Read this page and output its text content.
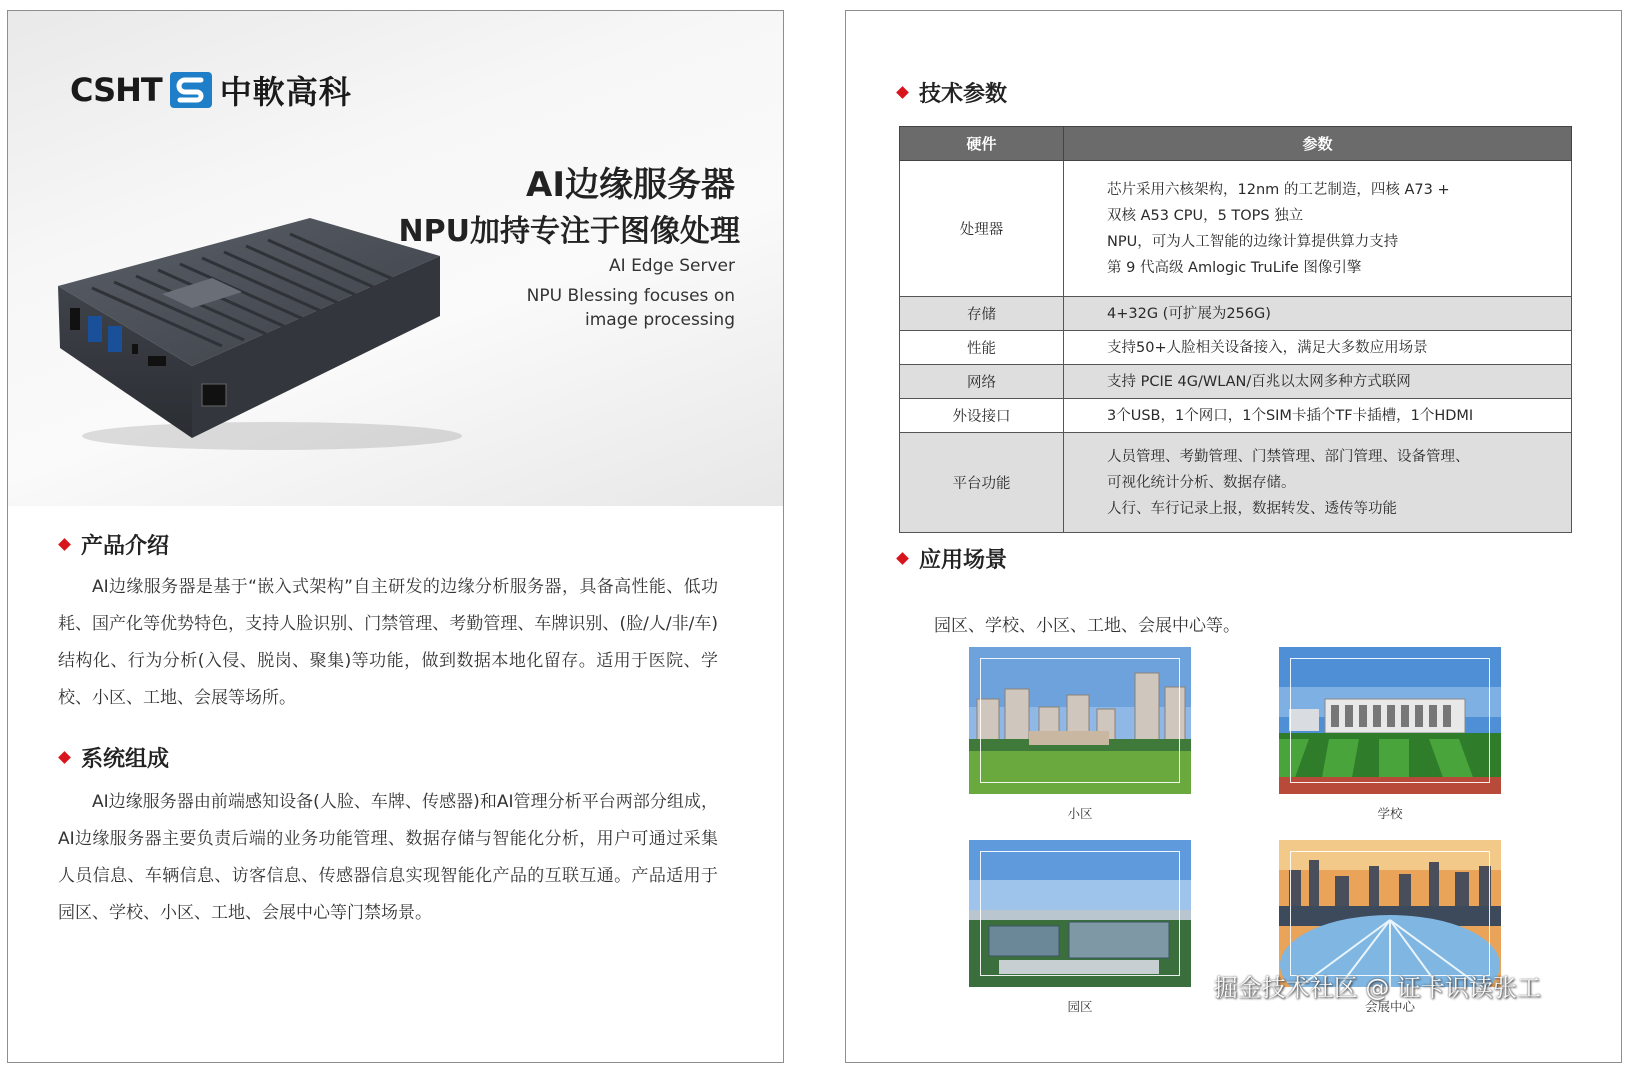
CSHT 中軟高科
AI边缘服务器
NPU加持专注于图像处理
AI Edge Server
NPU Blessing focuses on
image processing
产品介绍

AI边缘服务器是基于“嵌入式架构”自主研发的边缘分析服务器，具备高性能、低功耗、国产化等优势特色，支持人脸识别、门禁管理、考勤管理、车牌识别、(脸/人/非/车)结构化、行为分析(入侵、脱岗、聚集)等功能，做到数据本地化留存。适用于医院、学校、小区、工地、会展等场所。

系统组成

AI边缘服务器由前端感知设备(人脸、车牌、传感器)和AI管理分析平台两部分组成，AI边缘服务器主要负责后端的业务功能管理、数据存储与智能化分析，用户可通过采集人员信息、车辆信息、访客信息、传感器信息实现智能化产品的互联互通。产品适用于园区、学校、小区、工地、会展中心等门禁场景。

技术参数
硬件	参数
处理器	芯片采用六核架构，12nm 的工艺制造，四核 A73 +
双核 A53 CPU，5 TOPS 独立
NPU，可为人工智能的边缘计算提供算力支持
第 9 代高级 Amlogic TruLife 图像引擎

存储	4+32G (可扩展为256G)

性能	支持50+人脸相关设备接入，满足大多数应用场景

网络	支持 PCIE 4G/WLAN/百兆以太网多种方式联网

外设接口	3个USB，1个网口，1个SIM卡插个TF卡插槽，1个HDMI

平台功能	人员管理、考勤管理、门禁管理、部门管理、设备管理、
可视化统计分析、数据存储。
人行、车行记录上报，数据转发、透传等功能
应用场景
园区、学校、小区、工地、会展中心等。
小区	学校
园区	会展中心
掘金技术社区 @ 证卡识读张工
